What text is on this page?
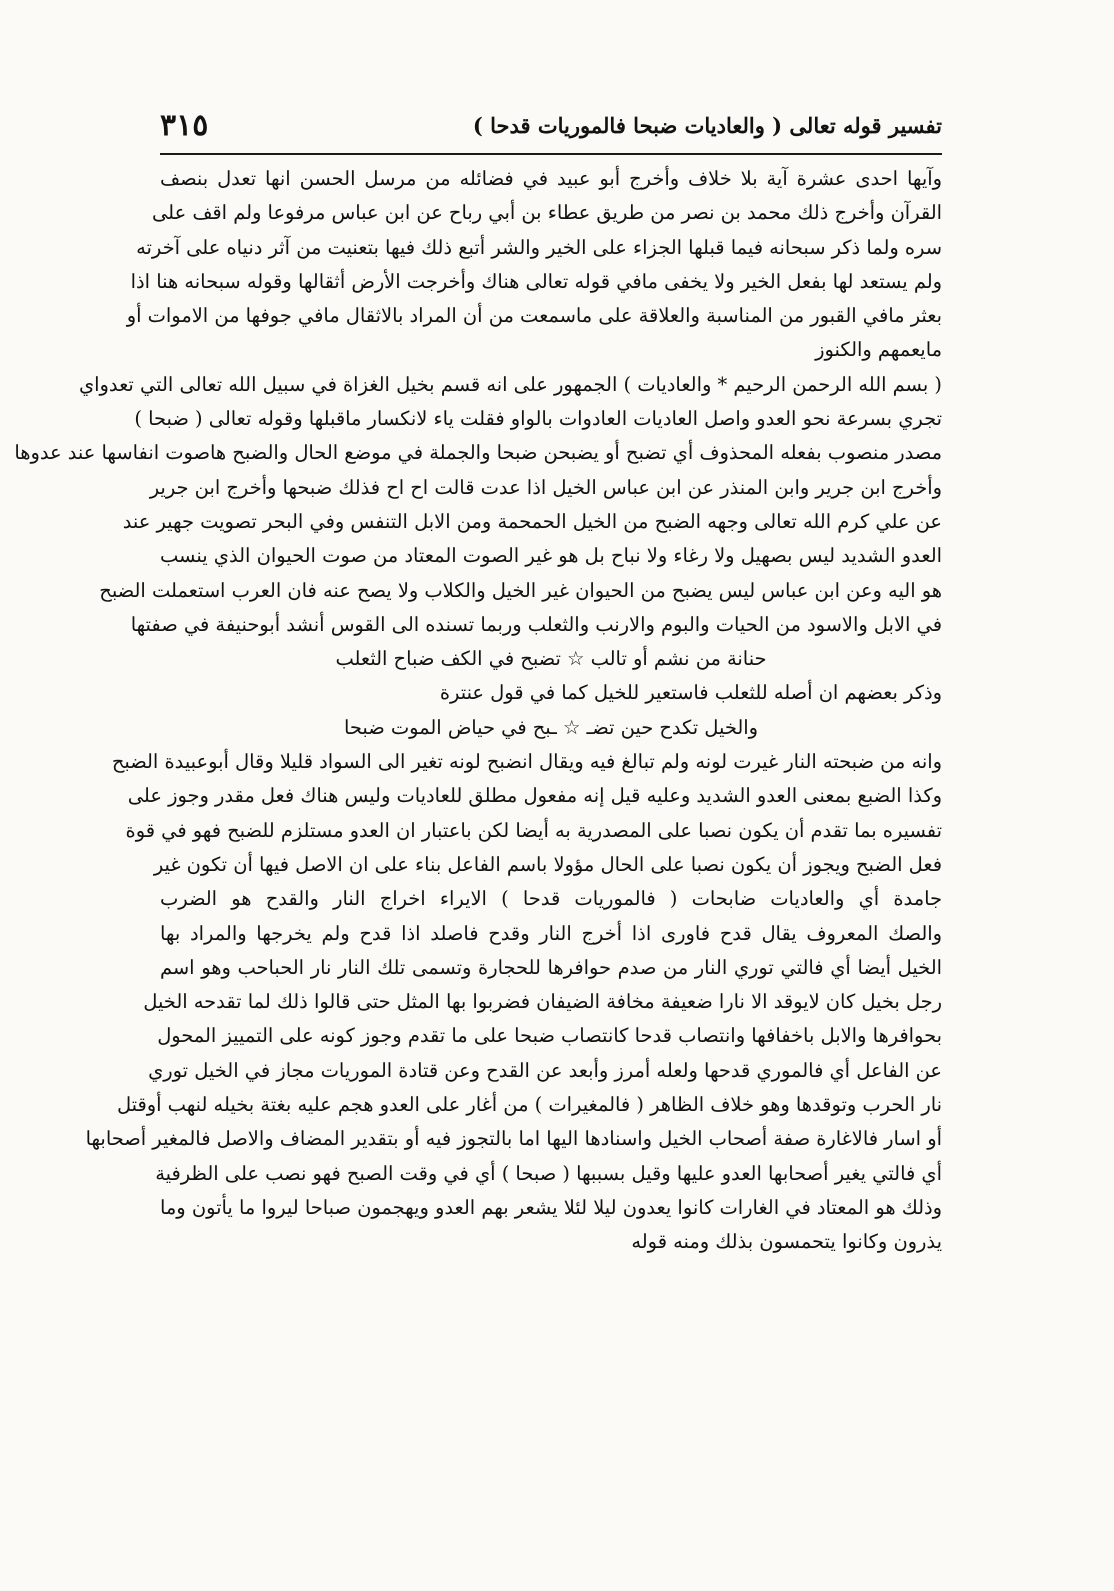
تفسير قوله تعالى ( والعاديات ضبحا فالموريات قدحا )
٣١٥
وآيها احدى عشرة آية بلا خلاف وأخرج أبو عبيد في فضائله من مرسل الحسن انها تعدل بنصف
القرآن وأخرج ذلك محمد بن نصر من طريق عطاء بن أبي رباح عن ابن عباس مرفوعا ولم اقف على
سره ولما ذكر سبحانه فيما قبلها الجزاء على الخير والشر أتبع ذلك فيها بتعنيت من آثر دنياه على آخرته
ولم يستعد لها بفعل الخير ولا يخفى مافي قوله تعالى هناك وأخرجت الأرض أثقالها وقوله سبحانه هنا اذا
بعثر مافي القبور من المناسبة والعلاقة على ماسمعت من أن المراد بالاثقال مافي جوفها من الاموات أو
مايعمهم والكنوز
( بسم الله الرحمن الرحيم * والعاديات ) الجمهور على انه قسم بخيل الغزاة في سبيل الله تعالى التي تعدواي
تجري بسرعة نحو العدو واصل العاديات العادوات بالواو فقلت ياء لانكسار ماقبلها وقوله تعالى ( ضبحا )
مصدر منصوب بفعله المحذوف أي تضبح أو يضبحن ضبحا والجملة في موضع الحال والضبح هاصوت انفاسها عند عدوها
وأخرج ابن جرير وابن المنذر عن ابن عباس الخيل اذا عدت قالت اح اح فذلك ضبحها وأخرج ابن جرير
عن علي كرم الله تعالى وجهه الضبح من الخيل الحمحمة ومن الابل التنفس وفي البحر تصويت جهير عند
العدو الشديد ليس بصهيل ولا رغاء ولا نباح بل هو غير الصوت المعتاد من صوت الحيوان الذي ينسب
هو اليه وعن ابن عباس ليس يضبح من الحيوان غير الخيل والكلاب ولا يصح عنه فان العرب استعملت الضبح
في الابل والاسود من الحيات والبوم والارنب والثعلب وربما تسنده الى القوس أنشد أبوحنيفة في صفتها
حنانة من نشم أو تالب ☆ تضبح في الكف ضباح الثعلب
وذكر بعضهم ان أصله للثعلب فاستعير للخيل كما في قول عنترة
والخيل تكدح حين تضـ ☆ ـبح في حياض الموت ضبحا
وانه من ضبحته النار غيرت لونه ولم تبالغ فيه ويقال انضبح لونه تغير الى السواد قليلا وقال أبوعبيدة الضبح
وكذا الضبع بمعنى العدو الشديد وعليه قيل إنه مفعول مطلق للعاديات وليس هناك فعل مقدر وجوز على
تفسيره بما تقدم أن يكون نصبا على المصدرية به أيضا لكن باعتبار ان العدو مستلزم للضبح فهو في قوة
فعل الضبح ويجوز أن يكون نصبا على الحال مؤولا باسم الفاعل بناء على ان الاصل فيها أن تكون غير
جامدة أي والعاديات ضابحات ( فالموريات قدحا ) الايراء اخراج النار والقدح هو الضرب
والصك المعروف يقال قدح فاورى اذا أخرج النار وقدح فاصلد اذا قدح ولم يخرجها والمراد بها
الخيل أيضا أي فالتي توري النار من صدم حوافرها للحجارة وتسمى تلك النار نار الحباحب وهو اسم
رجل بخيل كان لايوقد الا نارا ضعيفة مخافة الضيفان فضربوا بها المثل حتى قالوا ذلك لما تقدحه الخيل
بحوافرها والابل باخفافها وانتصاب قدحا كانتصاب ضبحا على ما تقدم وجوز كونه على التمييز المحول
عن الفاعل أي فالموري قدحها ولعله أمرز وأبعد عن القدح وعن قتادة الموريات مجاز في الخيل توري
نار الحرب وتوقدها وهو خلاف الظاهر ( فالمغيرات ) من أغار على العدو هجم عليه بغتة بخيله لنهب أوقتل
أو اسار فالاغارة صفة أصحاب الخيل واسنادها اليها اما بالتجوز فيه أو بتقدير المضاف والاصل فالمغير أصحابها
أي فالتي يغير أصحابها العدو عليها وقيل بسببها ( صبحا ) أي في وقت الصبح فهو نصب على الظرفية
وذلك هو المعتاد في الغارات كانوا يعدون ليلا لئلا يشعر بهم العدو ويهجمون صباحا ليروا ما يأتون وما
يذرون وكانوا يتحمسون بذلك ومنه قوله
